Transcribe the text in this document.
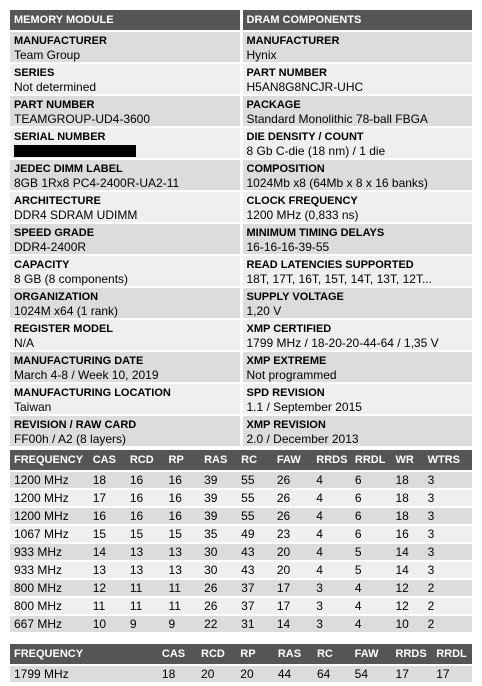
MEMORY MODULE
MANUFACTURER
Team Group
SERIES
Not determined
PART NUMBER
TEAMGROUP-UD4-3600
SERIAL NUMBER
JEDEC DIMM LABEL
8GB 1Rx8 PC4-2400R-UA2-11
ARCHITECTURE
DDR4 SDRAM UDIMM
SPEED GRADE
DDR4-2400R
CAPACITY
8 GB (8 components)
ORGANIZATION
1024M x64 (1 rank)
REGISTER MODEL
N/A
MANUFACTURING DATE
March 4-8 / Week 10, 2019
MANUFACTURING LOCATION
Taiwan
REVISION / RAW CARD
FF00h / A2 (8 layers)
DRAM COMPONENTS
MANUFACTURER
Hynix
PART NUMBER
H5AN8G8NCJR-UHC
PACKAGE
Standard Monolithic 78-ball FBGA
DIE DENSITY / COUNT
8 Gb C-die (18 nm) / 1 die
COMPOSITION
1024Mb x8 (64Mb x 8 x 16 banks)
CLOCK FREQUENCY
1200 MHz (0,833 ns)
MINIMUM TIMING DELAYS
16-16-16-39-55
READ LATENCIES SUPPORTED
18T, 17T, 16T, 15T, 14T, 13T, 12T...
SUPPLY VOLTAGE
1,20 V
XMP CERTIFIED
1799 MHz / 18-20-20-44-64 / 1,35 V
XMP EXTREME
Not programmed
SPD REVISION
1.1 / September 2015
XMP REVISION
2.0 / December 2013
FREQUENCY	CAS	RCD	RP	RAS	RC	FAW	RRDS	RRDL	WR	WTRS
1200 MHz	18	16	16	39	55	26	4	6	18	3
1200 MHz	17	16	16	39	55	26	4	6	18	3
1200 MHz	16	16	16	39	55	26	4	6	18	3
1067 MHz	15	15	15	35	49	23	4	6	16	3
933 MHz	14	13	13	30	43	20	4	5	14	3
933 MHz	13	13	13	30	43	20	4	5	14	3
800 MHz	12	11	11	26	37	17	3	4	12	2
800 MHz	11	11	11	26	37	17	3	4	12	2
667 MHz	10	9	9	22	31	14	3	4	10	2
FREQUENCY		CAS	RCD	RP	RAS	RC	FAW	RRDS	RRDL
1799 MHz		18	20	20	44	64	54	17	17
